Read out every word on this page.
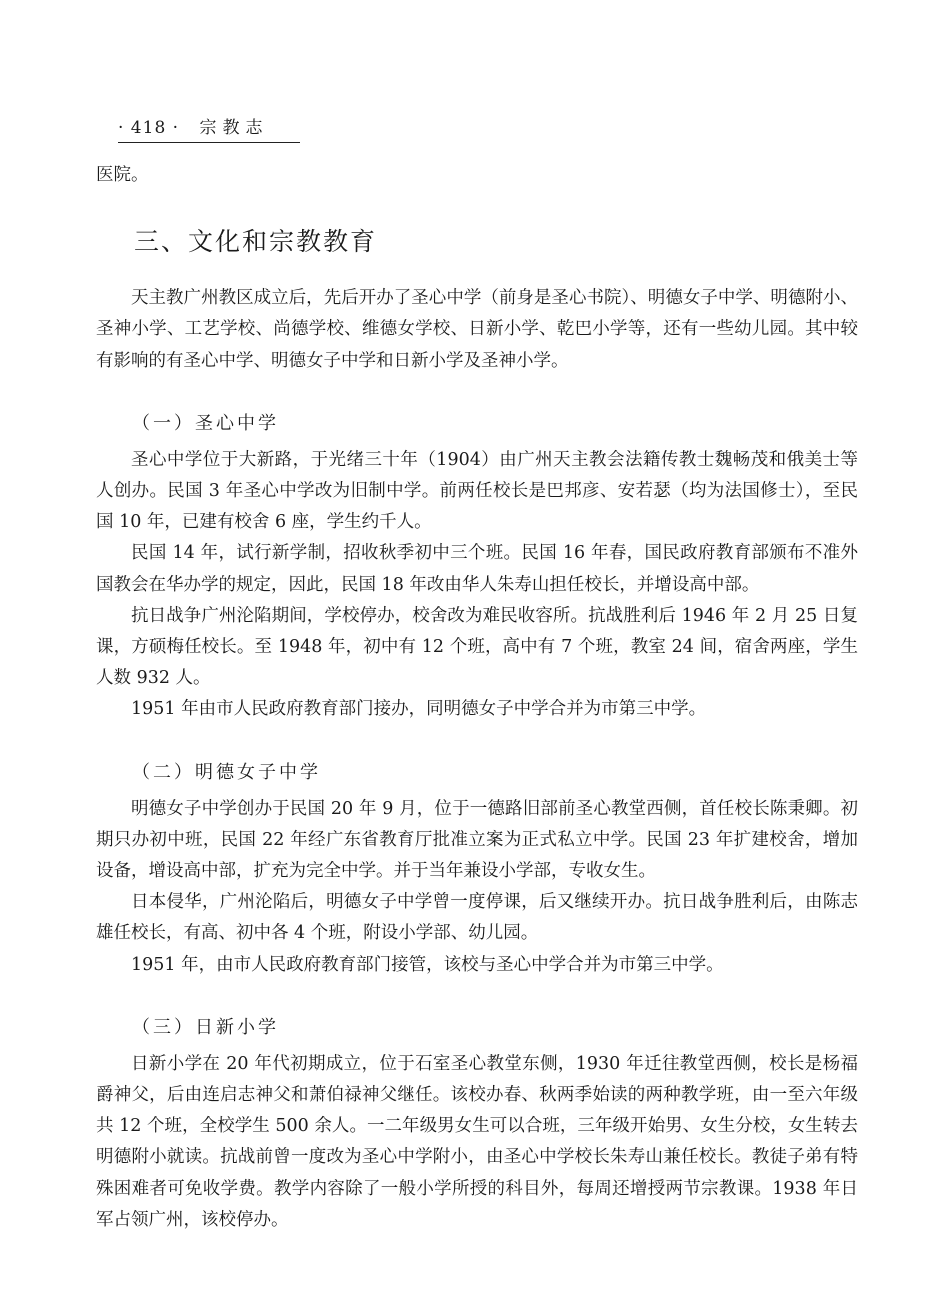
· 418 · 宗教志

医院。

三、文化和宗教教育

天主教广州教区成立后，先后开办了圣心中学（前身是圣心书院）、明德女子中学、明德附小、圣神小学、工艺学校、尚德学校、维德女学校、日新小学、乾巴小学等，还有一些幼儿园。其中较有影响的有圣心中学、明德女子中学和日新小学及圣神小学。

（一）圣心中学

圣心中学位于大新路，于光绪三十年（1904）由广州天主教会法籍传教士魏畅茂和俄美士等人创办。民国 3 年圣心中学改为旧制中学。前两任校长是巴邦彦、安若瑟（均为法国修士），至民国 10 年，已建有校舍 6 座，学生约千人。

民国 14 年，试行新学制，招收秋季初中三个班。民国 16 年春，国民政府教育部颁布不准外国教会在华办学的规定，因此，民国 18 年改由华人朱寿山担任校长，并增设高中部。

抗日战争广州沦陷期间，学校停办，校舍改为难民收容所。抗战胜利后 1946 年 2 月 25 日复课，方硕梅任校长。至 1948 年，初中有 12 个班，高中有 7 个班，教室 24 间，宿舍两座，学生人数 932 人。

1951 年由市人民政府教育部门接办，同明德女子中学合并为市第三中学。

（二）明德女子中学

明德女子中学创办于民国 20 年 9 月，位于一德路旧部前圣心教堂西侧，首任校长陈秉卿。初期只办初中班，民国 22 年经广东省教育厅批准立案为正式私立中学。民国 23 年扩建校舍，增加设备，增设高中部，扩充为完全中学。并于当年兼设小学部，专收女生。

日本侵华，广州沦陷后，明德女子中学曾一度停课，后又继续开办。抗日战争胜利后，由陈志雄任校长，有高、初中各 4 个班，附设小学部、幼儿园。

1951 年，由市人民政府教育部门接管，该校与圣心中学合并为市第三中学。

（三）日新小学

日新小学在 20 年代初期成立，位于石室圣心教堂东侧，1930 年迁往教堂西侧，校长是杨福爵神父，后由连启志神父和萧伯禄神父继任。该校办春、秋两季始读的两种教学班，由一至六年级共 12 个班，全校学生 500 余人。一二年级男女生可以合班，三年级开始男、女生分校，女生转去明德附小就读。抗战前曾一度改为圣心中学附小，由圣心中学校长朱寿山兼任校长。教徒子弟有特殊困难者可免收学费。教学内容除了一般小学所授的科目外，每周还增授两节宗教课。1938 年日军占领广州，该校停办。
